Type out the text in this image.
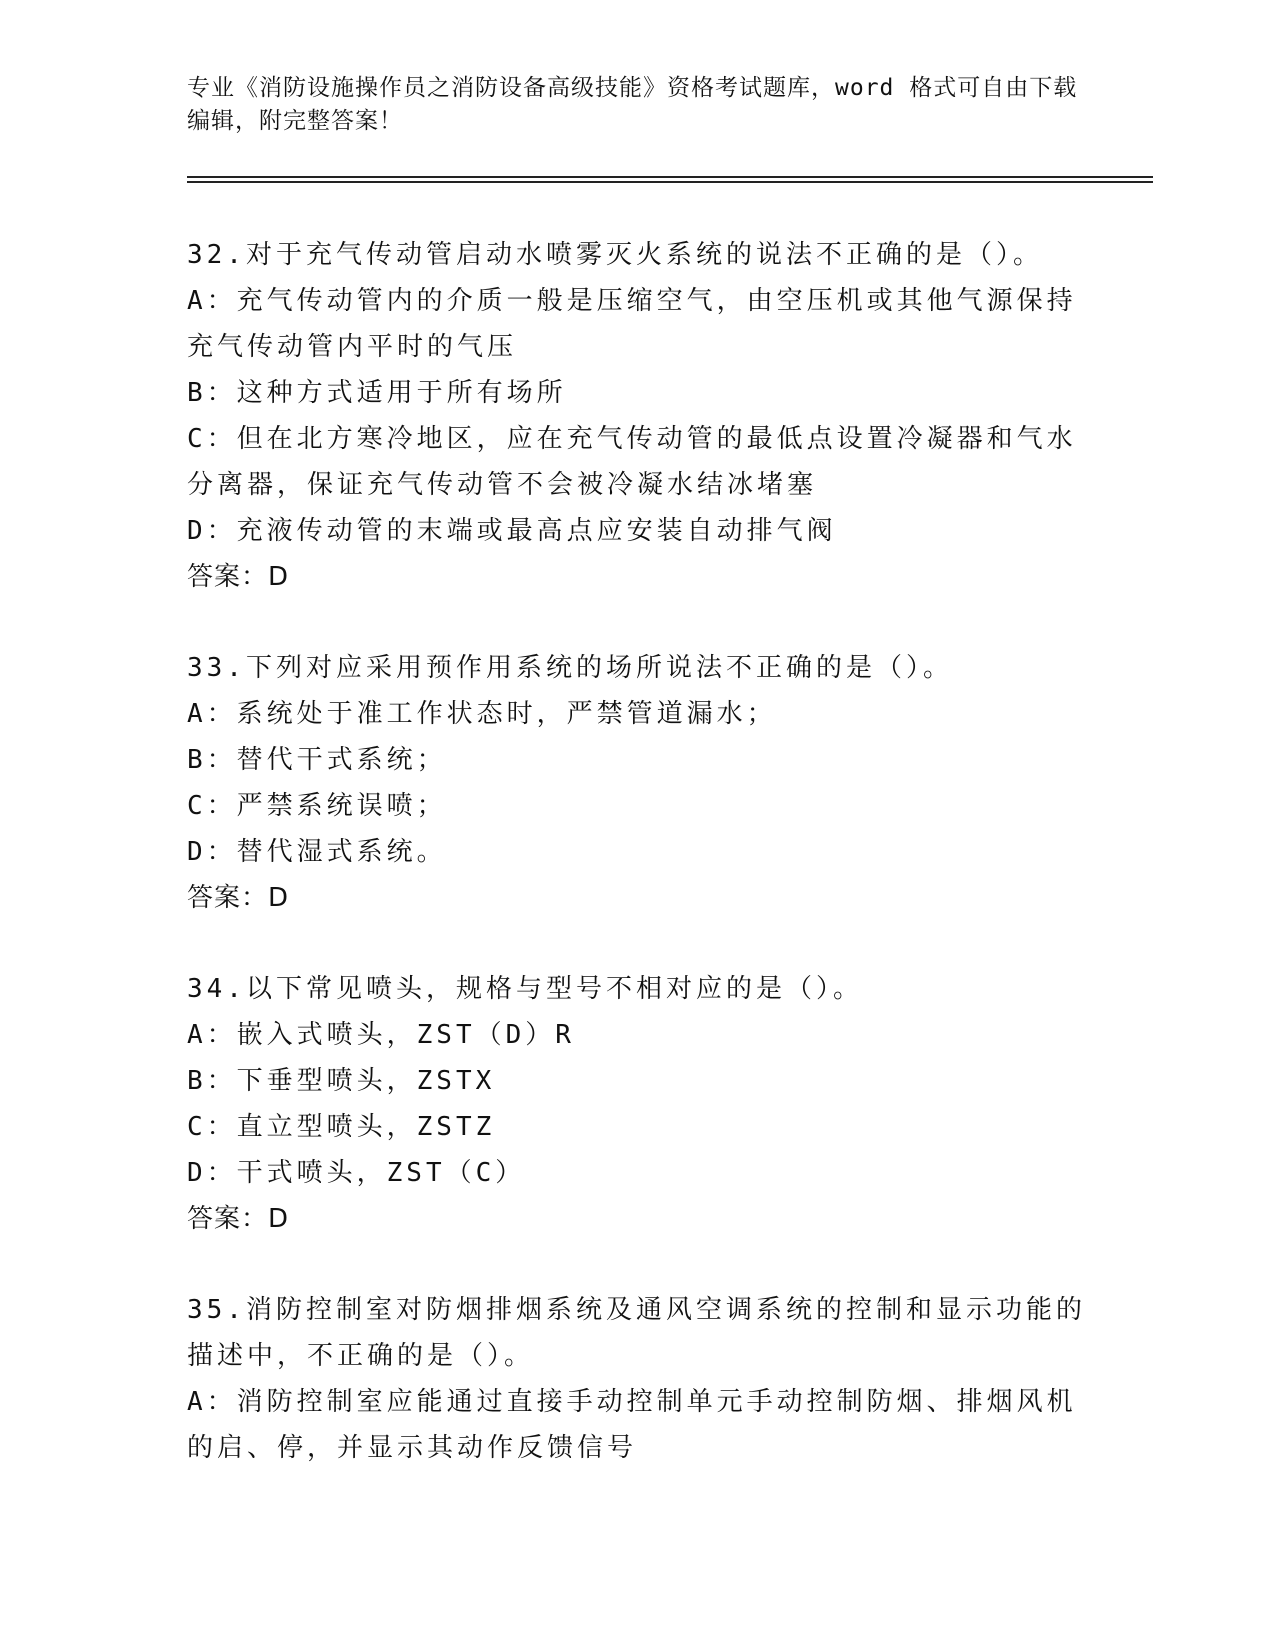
专业《消防设施操作员之消防设备高级技能》资格考试题库，word 格式可自由下载编辑，附完整答案！
32.对于充气传动管启动水喷雾灭火系统的说法不正确的是（）。
A：充气传动管内的介质一般是压缩空气，由空压机或其他气源保持充气传动管内平时的气压
B：这种方式适用于所有场所
C：但在北方寒冷地区，应在充气传动管的最低点设置冷凝器和气水分离器，保证充气传动管不会被冷凝水结冰堵塞
D：充液传动管的末端或最高点应安装自动排气阀
答案：D
33.下列对应采用预作用系统的场所说法不正确的是（）。
A：系统处于准工作状态时，严禁管道漏水；
B：替代干式系统；
C：严禁系统误喷；
D：替代湿式系统。
答案：D
34.以下常见喷头，规格与型号不相对应的是（）。
A：嵌入式喷头，ZST（D）R
B：下垂型喷头，ZSTX
C：直立型喷头，ZSTZ
D：干式喷头，ZST（C）
答案：D
35.消防控制室对防烟排烟系统及通风空调系统的控制和显示功能的描述中，不正确的是（）。
A：消防控制室应能通过直接手动控制单元手动控制防烟、排烟风机的启、停，并显示其动作反馈信号
